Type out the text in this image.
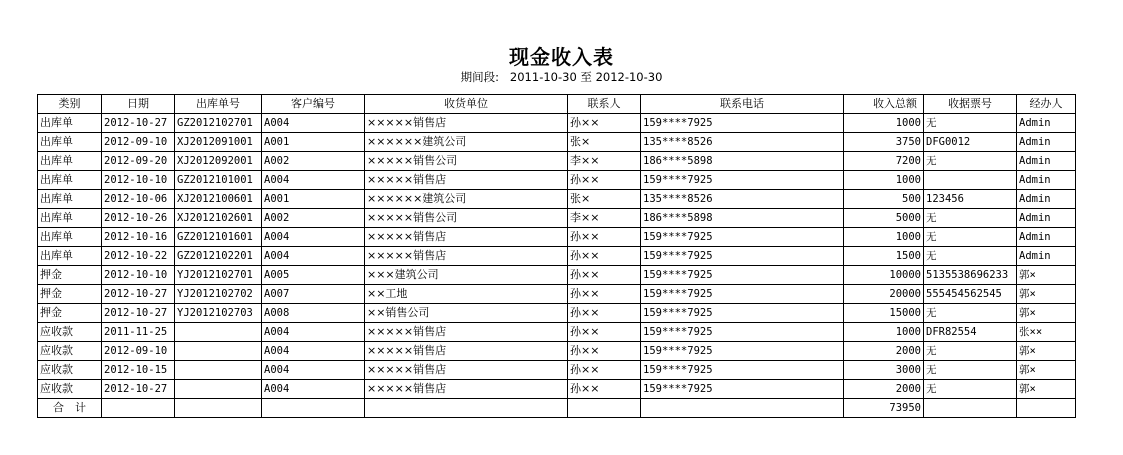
现金收入表
期间段: 2011-10-30 至 2012-10-30
类别	日期	出库单号	客户编号	收货单位	联系人	联系电话	收入总额	收据票号	经办人
出库单	2012-10-27	GZ2012102701	A004	×××××销售店	孙××	159****7925	1000	无	Admin
出库单	2012-09-10	XJ2012091001	A001	××××××建筑公司	张×	135****8526	3750	DFG0012	Admin
出库单	2012-09-20	XJ2012092001	A002	×××××销售公司	李××	186****5898	7200	无	Admin
出库单	2012-10-10	GZ2012101001	A004	×××××销售店	孙××	159****7925	1000		Admin
出库单	2012-10-06	XJ2012100601	A001	××××××建筑公司	张×	135****8526	500	123456	Admin
出库单	2012-10-26	XJ2012102601	A002	×××××销售公司	李××	186****5898	5000	无	Admin
出库单	2012-10-16	GZ2012101601	A004	×××××销售店	孙××	159****7925	1000	无	Admin
出库单	2012-10-22	GZ2012102201	A004	×××××销售店	孙××	159****7925	1500	无	Admin
押金	2012-10-10	YJ2012102701	A005	×××建筑公司	孙××	159****7925	10000	5135538696233	郭×
押金	2012-10-27	YJ2012102702	A007	××工地	孙××	159****7925	20000	555454562545	郭×
押金	2012-10-27	YJ2012102703	A008	××销售公司	孙××	159****7925	15000	无	郭×
应收款	2011-11-25		A004	×××××销售店	孙××	159****7925	1000	DFR82554	张××
应收款	2012-09-10		A004	×××××销售店	孙××	159****7925	2000	无	郭×
应收款	2012-10-15		A004	×××××销售店	孙××	159****7925	3000	无	郭×
应收款	2012-10-27		A004	×××××销售店	孙××	159****7925	2000	无	郭×
合　计							73950		
